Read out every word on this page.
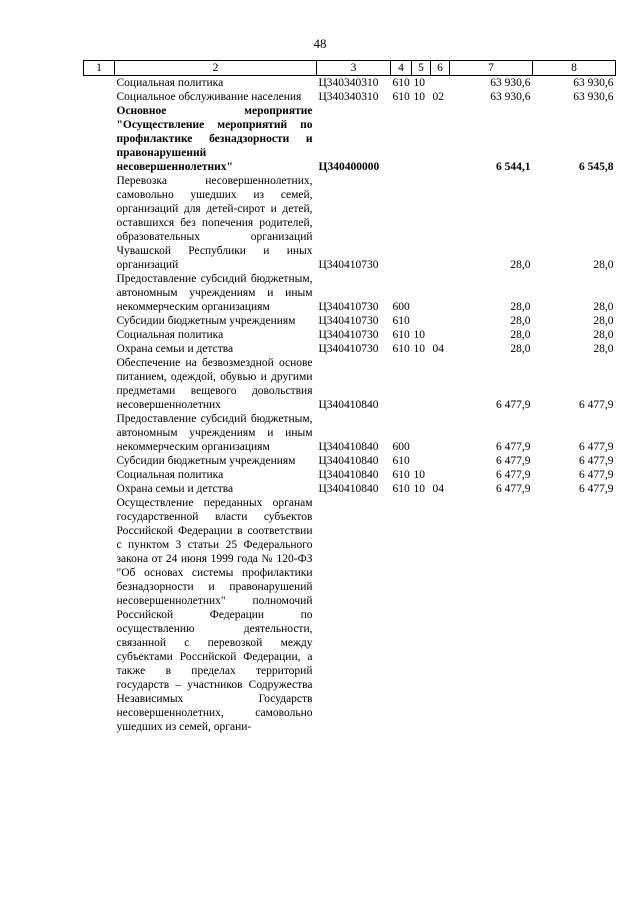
48
1	2	3	4	5	6	7	8
	Социальная политика	Ц340340310	610	10		63 930,6	63 930,6
	Социальное обслуживание населения	Ц340340310	610	10	02	63 930,6	63 930,6
	Основное мероприятие "Осуществление мероприятий по профилактике безнадзорности и правонарушений несовершеннолетних"	Ц340400000				6 544,1	6 545,8
	Перевозка несовершеннолетних, самовольно ушедших из семей, организаций для детей-сирот и детей, оставшихся без попечения родителей, образовательных организаций Чувашской Республики и иных организаций	Ц340410730				28,0	28,0
	Предоставление субсидий бюджетным, автономным учреждениям и иным некоммерческим организациям	Ц340410730	600			28,0	28,0
	Субсидии бюджетным учреждениям	Ц340410730	610			28,0	28,0
	Социальная политика	Ц340410730	610	10		28,0	28,0
	Охрана семьи и детства	Ц340410730	610	10	04	28,0	28,0
	Обеспечение на безвозмездной основе питанием, одеждой, обувью и другими предметами вещевого довольствия несовершеннолетних	Ц340410840				6 477,9	6 477,9
	Предоставление субсидий бюджетным, автономным учреждениям и иным некоммерческим организациям	Ц340410840	600			6 477,9	6 477,9
	Субсидии бюджетным учреждениям	Ц340410840	610			6 477,9	6 477,9
	Социальная политика	Ц340410840	610	10		6 477,9	6 477,9
	Охрана семьи и детства	Ц340410840	610	10	04	6 477,9	6 477,9
	Осуществление переданных органам государственной власти субъектов Российской Федерации в соответствии с пунктом 3 статьи 25 Федерального закона от 24 июня 1999 года № 120-ФЗ "Об основах системы профилактики безнадзорности и правонарушений несовершеннолетних" полномочий Российской Федерации по осуществлению деятельности, связанной с перевозкой между субъектами Российской Федерации, а также в пределах территорий государств – участников Содружества Независимых Государств несовершеннолетних, самовольно ушедших из семей, органи-						
